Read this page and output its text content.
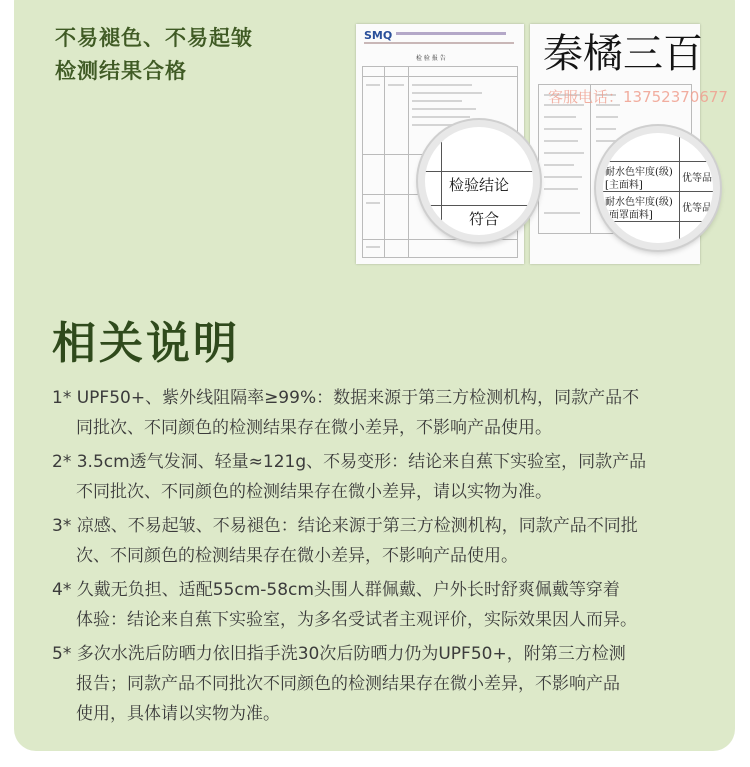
不易褪色、不易起皱
检测结果合格
SMQ
检 验 报 告
检验结论
符合
耐水色牢度(级)
[主面料]
优等品
耐水色牢度(级)
[面罩面料]
优等品
秦橘三百
客服电话：13752370677
相关说明
1* UPF50+、紫外线阻隔率≥99%：数据来源于第三方检测机构，同款产品不
同批次、不同颜色的检测结果存在微小差异，不影响产品使用。
2* 3.5cm透气发洞、轻量≈121g、不易变形：结论来自蕉下实验室，同款产品
不同批次、不同颜色的检测结果存在微小差异，请以实物为准。
3* 凉感、不易起皱、不易褪色：结论来源于第三方检测机构，同款产品不同批
次、不同颜色的检测结果存在微小差异，不影响产品使用。
4* 久戴无负担、适配55cm-58cm头围人群佩戴、户外长时舒爽佩戴等穿着
体验：结论来自蕉下实验室，为多名受试者主观评价，实际效果因人而异。
5* 多次水洗后防晒力依旧指手洗30次后防晒力仍为UPF50+，附第三方检测
报告；同款产品不同批次不同颜色的检测结果存在微小差异，不影响产品
使用，具体请以实物为准。
